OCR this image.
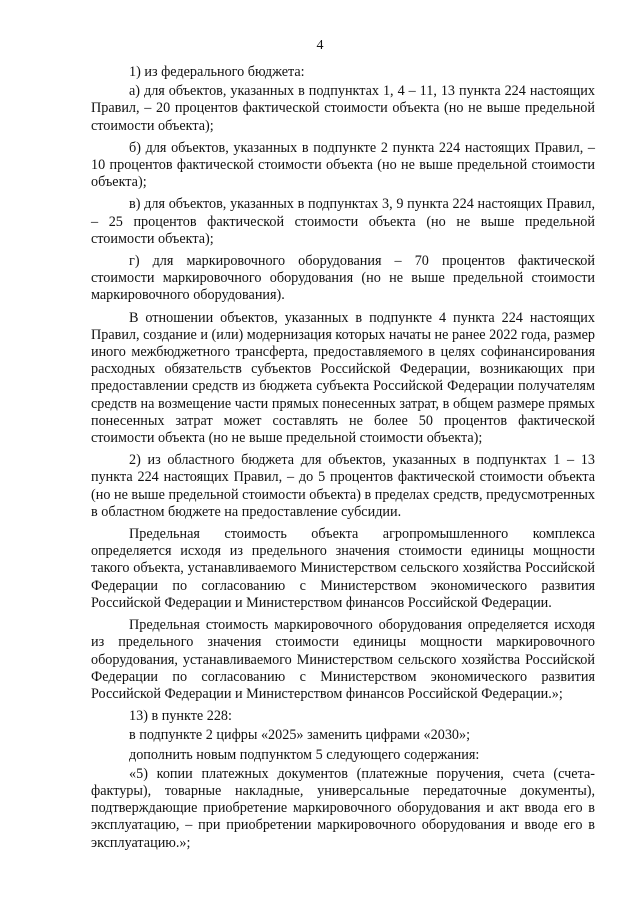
4

1) из федерального бюджета:

а) для объектов, указанных в подпунктах 1, 4 – 11, 13 пункта 224 настоящих Правил, – 20 процентов фактической стоимости объекта (но не выше предельной стоимости объекта);

б) для объектов, указанных в подпункте 2 пункта 224 настоящих Правил, – 10 процентов фактической стоимости объекта (но не выше предельной стоимости объекта);

в) для объектов, указанных в подпунктах 3, 9 пункта 224 настоящих Правил, – 25 процентов фактической стоимости объекта (но не выше предельной стоимости объекта);

г) для маркировочного оборудования – 70 процентов фактической стоимости маркировочного оборудования (но не выше предельной стоимости маркировочного оборудования).

В отношении объектов, указанных в подпункте 4 пункта 224 настоящих Правил, создание и (или) модернизация которых начаты не ранее 2022 года, размер иного межбюджетного трансферта, предоставляемого в целях софинансирования расходных обязательств субъектов Российской Федерации, возникающих при предоставлении средств из бюджета субъекта Российской Федерации получателям средств на возмещение части прямых понесенных затрат, в общем размере прямых понесенных затрат может составлять не более 50 процентов фактической стоимости объекта (но не выше предельной стоимости объекта);

2) из областного бюджета для объектов, указанных в подпунктах 1 – 13 пункта 224 настоящих Правил, – до 5 процентов фактической стоимости объекта (но не выше предельной стоимости объекта) в пределах средств, предусмотренных в областном бюджете на предоставление субсидии.

Предельная стоимость объекта агропромышленного комплекса определяется исходя из предельного значения стоимости единицы мощности такого объекта, устанавливаемого Министерством сельского хозяйства Российской Федерации по согласованию с Министерством экономического развития Российской Федерации и Министерством финансов Российской Федерации.

Предельная стоимость маркировочного оборудования определяется исходя из предельного значения стоимости единицы мощности маркировочного оборудования, устанавливаемого Министерством сельского хозяйства Российской Федерации по согласованию с Министерством экономического развития Российской Федерации и Министерством финансов Российской Федерации.»;

13) в пункте 228:

в подпункте 2 цифры «2025» заменить цифрами «2030»;

дополнить новым подпунктом 5 следующего содержания:

«5) копии платежных документов (платежные поручения, счета (счета-фактуры), товарные накладные, универсальные передаточные документы), подтверждающие приобретение маркировочного оборудования и акт ввода его в эксплуатацию, – при приобретении маркировочного оборудования и вводе его в эксплуатацию.»;
